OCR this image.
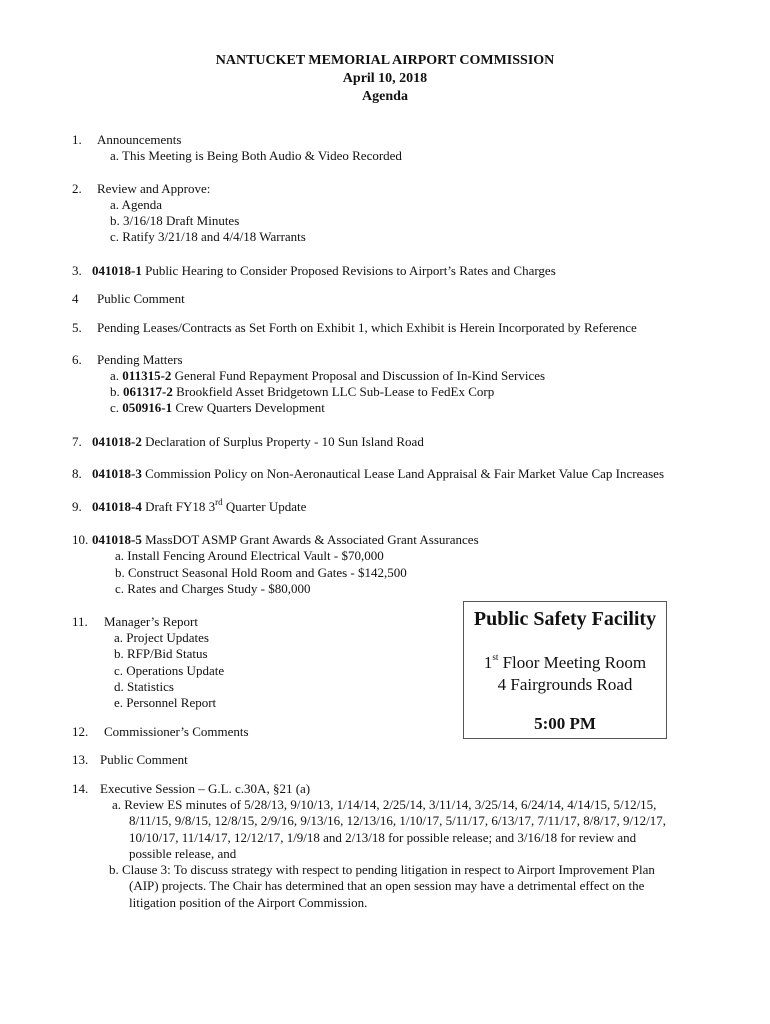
NANTUCKET MEMORIAL AIRPORT COMMISSION
April 10, 2018
Agenda
1. Announcements
a. This Meeting is Being Both Audio & Video Recorded
2. Review and Approve:
a. Agenda
b. 3/16/18 Draft Minutes
c. Ratify 3/21/18 and 4/4/18 Warrants
3. 041018-1 Public Hearing to Consider Proposed Revisions to Airport’s Rates and Charges
4 Public Comment
5. Pending Leases/Contracts as Set Forth on Exhibit 1, which Exhibit is Herein Incorporated by Reference
6. Pending Matters
a. 011315-2 General Fund Repayment Proposal and Discussion of In-Kind Services
b. 061317-2 Brookfield Asset Bridgetown LLC Sub-Lease to FedEx Corp
c. 050916-1 Crew Quarters Development
7. 041018-2 Declaration of Surplus Property - 10 Sun Island Road
8. 041018-3 Commission Policy on Non-Aeronautical Lease Land Appraisal & Fair Market Value Cap Increases
9. 041018-4 Draft FY18 3rd Quarter Update
10. 041018-5 MassDOT ASMP Grant Awards & Associated Grant Assurances
a. Install Fencing Around Electrical Vault - $70,000
b. Construct Seasonal Hold Room and Gates - $142,500
c. Rates and Charges Study - $80,000
11. Manager’s Report
a. Project Updates
b. RFP/Bid Status
c. Operations Update
d. Statistics
e. Personnel Report
12. Commissioner’s Comments
13. Public Comment
14. Executive Session – G.L. c.30A, §21 (a)
a. Review ES minutes of 5/28/13, 9/10/13, 1/14/14, 2/25/14, 3/11/14, 3/25/14, 6/24/14, 4/14/15, 5/12/15,
8/11/15, 9/8/15, 12/8/15, 2/9/16, 9/13/16, 12/13/16, 1/10/17, 5/11/17, 6/13/17, 7/11/17, 8/8/17, 9/12/17,
10/10/17, 11/14/17, 12/12/17, 1/9/18 and 2/13/18 for possible release; and 3/16/18 for review and
possible release, and
b. Clause 3: To discuss strategy with respect to pending litigation in respect to Airport Improvement Plan
(AIP) projects. The Chair has determined that an open session may have a detrimental effect on the
litigation position of the Airport Commission.
Public Safety Facility
1st Floor Meeting Room
4 Fairgrounds Road
5:00 PM
